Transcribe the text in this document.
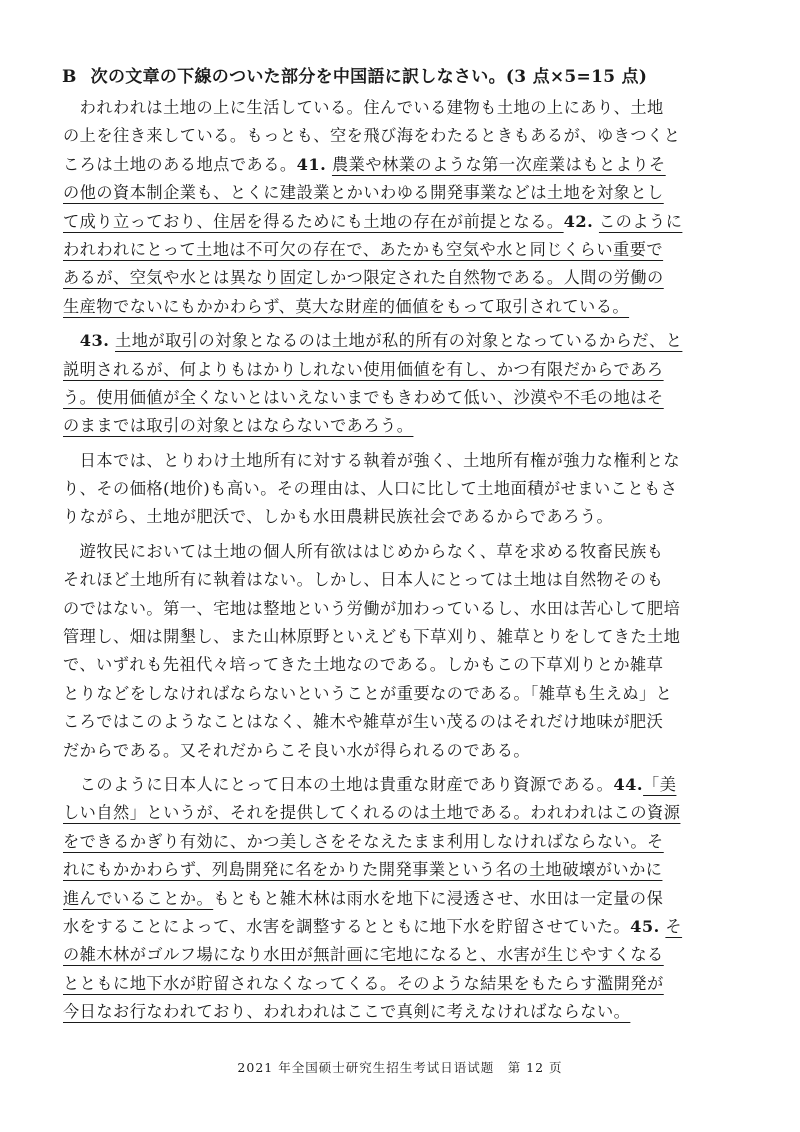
B 次の文章の下線のついた部分を中国語に訳しなさい。(3 点×5=15 点)
　われわれは土地の上に生活している。住んでいる建物も土地の上にあり、土地
の上を往き来している。もっとも、空を飛び海をわたるときもあるが、ゆきつくと
ころは土地のある地点である。41. 農業や林業のような第一次産業はもとよりそ
の他の資本制企業も、とくに建設業とかいわゆる開発事業などは土地を対象とし
て成り立っており、住居を得るためにも土地の存在が前提となる。42. このように
われわれにとって土地は不可欠の存在で、あたかも空気や水と同じくらい重要で
あるが、空気や水とは異なり固定しかつ限定された自然物である。人間の労働の
生産物でないにもかかわらず、莫大な財産的価値をもって取引されている。
　43. 土地が取引の対象となるのは土地が私的所有の対象となっているからだ、と
説明されるが、何よりもはかりしれない使用価値を有し、かつ有限だからであろ
う。使用価値が全くないとはいえないまでもきわめて低い、沙漠や不毛の地はそ
のままでは取引の対象とはならないであろう。
　日本では、とりわけ土地所有に対する執着が強く、土地所有権が強力な権利とな
り、その価格(地价)も高い。その理由は、人口に比して土地面積がせまいこともさ
りながら、土地が肥沃で、しかも水田農耕民族社会であるからであろう。
　遊牧民においては土地の個人所有欲ははじめからなく、草を求める牧畜民族も
それほど土地所有に執着はない。しかし、日本人にとっては土地は自然物そのも
のではない。第一、宅地は整地という労働が加わっているし、水田は苦心して肥培
管理し、畑は開墾し、また山林原野といえども下草刈り、雑草とりをしてきた土地
で、いずれも先祖代々培ってきた土地なのである。しかもこの下草刈りとか雑草
とりなどをしなければならないということが重要なのである。「雑草も生えぬ」と
ころではこのようなことはなく、雑木や雑草が生い茂るのはそれだけ地味が肥沃
だからである。又それだからこそ良い水が得られるのである。
　このように日本人にとって日本の土地は貴重な財産であり資源である。44.「美
しい自然」というが、それを提供してくれるのは土地である。われわれはこの資源
をできるかぎり有効に、かつ美しさをそなえたまま利用しなければならない。そ
れにもかかわらず、列島開発に名をかりた開発事業という名の土地破壊がいかに
進んでいることか。もともと雑木林は雨水を地下に浸透させ、水田は一定量の保
水をすることによって、水害を調整するとともに地下水を貯留させていた。45. そ
の雑木林がゴルフ場になり水田が無計画に宅地になると、水害が生じやすくなる
とともに地下水が貯留されなくなってくる。そのような結果をもたらす濫開発が
今日なお行なわれており、われわれはここで真剣に考えなければならない。
2021 年全国硕士研究生招生考试日语试题　第 12 页
